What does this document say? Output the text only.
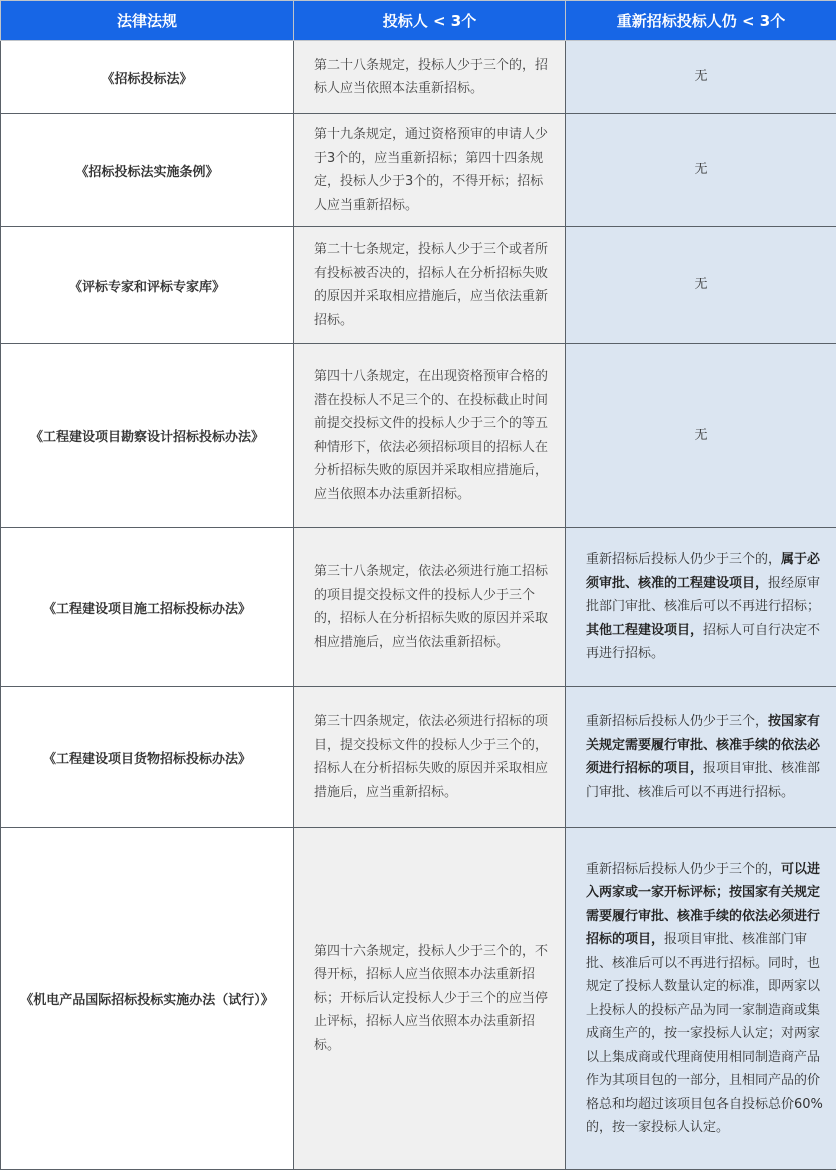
法律法规	投标人 < 3个	重新招标投标人仍 < 3个
《招标投标法》	第二十八条规定，投标人少于三个的，招标人应当依照本法重新招标。	无
《招标投标法实施条例》	第十九条规定，通过资格预审的申请人少于3个的，应当重新招标；第四十四条规定，投标人少于3个的，不得开标；招标人应当重新招标。	无
《评标专家和评标专家库》	第二十七条规定，投标人少于三个或者所有投标被否决的，招标人在分析招标失败的原因并采取相应措施后，应当依法重新招标。	无
《工程建设项目勘察设计招标投标办法》	第四十八条规定，在出现资格预审合格的潜在投标人不足三个的、在投标截止时间前提交投标文件的投标人少于三个的等五种情形下，依法必须招标项目的招标人在分析招标失败的原因并采取相应措施后，应当依照本办法重新招标。	无
《工程建设项目施工招标投标办法》	第三十八条规定，依法必须进行施工招标的项目提交投标文件的投标人少于三个的，招标人在分析招标失败的原因并采取相应措施后，应当依法重新招标。	重新招标后投标人仍少于三个的，属于必须审批、核准的工程建设项目，报经原审批部门审批、核准后可以不再进行招标；其他工程建设项目，招标人可自行决定不再进行招标。
《工程建设项目货物招标投标办法》	第三十四条规定，依法必须进行招标的项目，提交投标文件的投标人少于三个的，招标人在分析招标失败的原因并采取相应措施后，应当重新招标。	重新招标后投标人仍少于三个，按国家有关规定需要履行审批、核准手续的依法必须进行招标的项目，报项目审批、核准部门审批、核准后可以不再进行招标。
《机电产品国际招标投标实施办法（试行）》	第四十六条规定，投标人少于三个的，不得开标，招标人应当依照本办法重新招标；开标后认定投标人少于三个的应当停止评标，招标人应当依照本办法重新招标。	重新招标后投标人仍少于三个的，可以进入两家或一家开标评标；按国家有关规定需要履行审批、核准手续的依法必须进行招标的项目，报项目审批、核准部门审批、核准后可以不再进行招标。同时，也规定了投标人数量认定的标准，即两家以上投标人的投标产品为同一家制造商或集成商生产的，按一家投标人认定；对两家以上集成商或代理商使用相同制造商产品作为其项目包的一部分，且相同产品的价格总和均超过该项目包各自投标总价60%的，按一家投标人认定。
